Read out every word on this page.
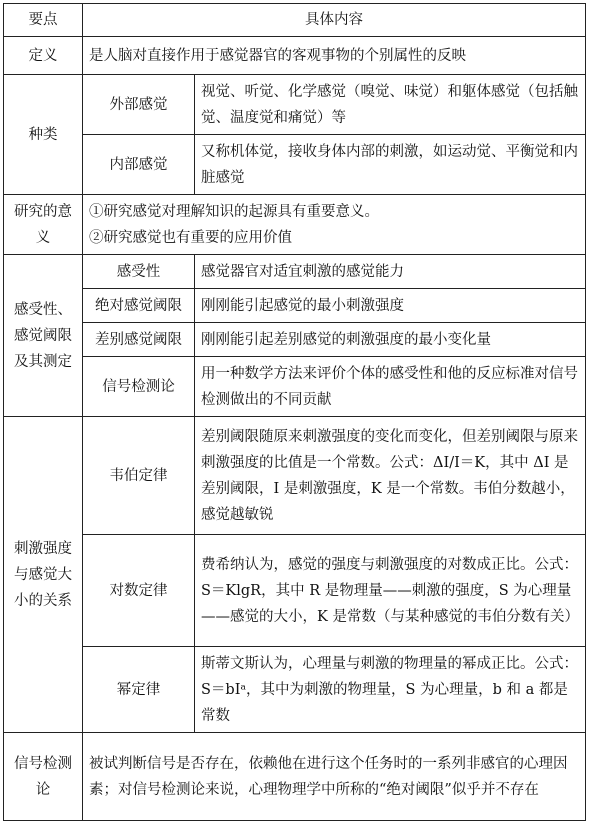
要点	具体内容	
定义	是人脑对直接作用于感觉器官的客观事物的个别属性的反映	
种类	外部感觉	视觉、听觉、化学感觉（嗅觉、味觉）和躯体感觉（包括触觉、温度觉和痛觉）等
	内部感觉	又称机体觉，接收身体内部的刺激，如运动觉、平衡觉和内脏感觉
研究的意义	①研究感觉对理解知识的起源具有重要意义。
②研究感觉也有重要的应用价值	

感受性、感觉阈限及其测定	感受性	感觉器官对适宜刺激的感觉能力
	绝对感觉阈限	刚刚能引起感觉的最小刺激强度
	差别感觉阈限	刚刚能引起差别感觉的刺激强度的最小变化量
	信号检测论	用一种数学方法来评价个体的感受性和他的反应标准对信号检测做出的不同贡献
刺激强度与感觉大小的关系	韦伯定律	差别阈限随原来刺激强度的变化而变化，但差别阈限与原来刺激强度的比值是一个常数。公式：ΔI/I＝K，其中 ΔI 是差别阈限，I 是刺激强度，K 是一个常数。韦伯分数越小，感觉越敏锐
	对数定律	费希纳认为，感觉的强度与刺激强度的对数成正比。公式：S＝KlgR，其中 R 是物理量——刺激的强度，S 为心理量——感觉的大小，K 是常数（与某种感觉的韦伯分数有关）
	幂定律	斯蒂文斯认为，心理量与刺激的物理量的幂成正比。公式：S＝bIᵃ，其中为刺激的物理量，S 为心理量，b 和 a 都是常数
信号检测论	被试判断信号是否存在，依赖他在进行这个任务时的一系列非感官的心理因素；对信号检测论来说，心理物理学中所称的“绝对阈限”似乎并不存在	
